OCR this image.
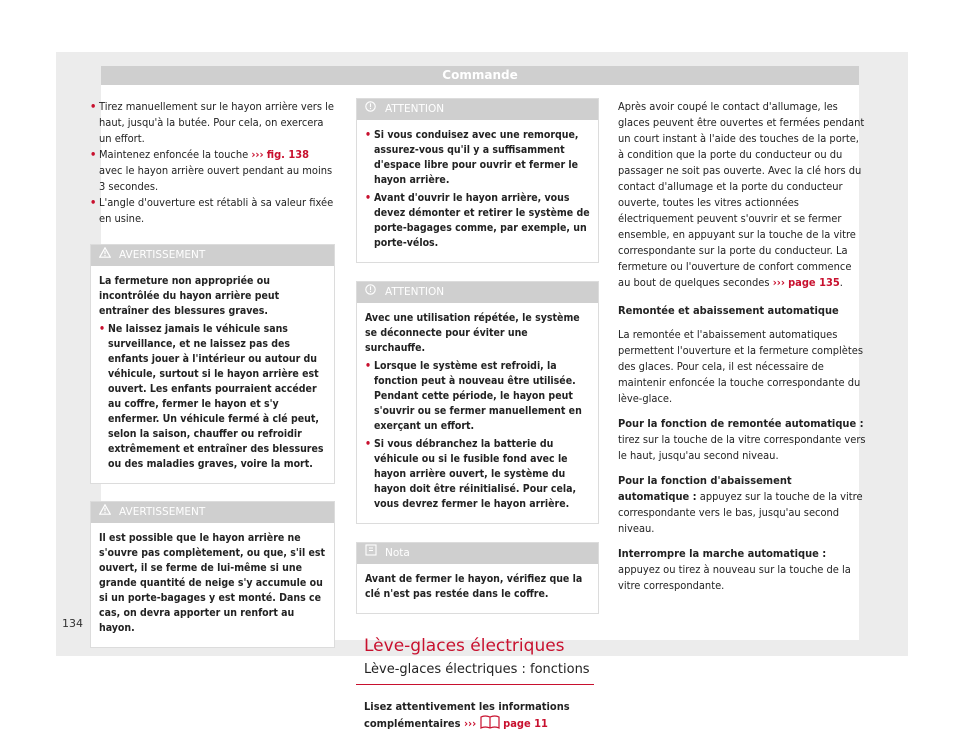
Commande

• Tirez manuellement sur le hayon arrière vers le haut, jusqu'à la butée. Pour cela, on exercera un effort.

• Maintenez enfoncée la touche ››› fig. 138 avec le hayon arrière ouvert pendant au moins 3 secondes.

• L'angle d'ouverture est rétabli à sa valeur fixée en usine.

AVERTISSEMENT

La fermeture non appropriée ou incontrôlée du hayon arrière peut entraîner des blessures graves.

• Ne laissez jamais le véhicule sans surveillance, et ne laissez pas des enfants jouer à l'intérieur ou autour du véhicule, surtout si le hayon arrière est ouvert. Les enfants pourraient accéder au coffre, fermer le hayon et s'y enfermer. Un véhicule fermé à clé peut, selon la saison, chauffer ou refroidir extrêmement et entraîner des blessures ou des maladies graves, voire la mort.

AVERTISSEMENT

Il est possible que le hayon arrière ne s'ouvre pas complètement, ou que, s'il est ouvert, il se ferme de lui-même si une grande quantité de neige s'y accumule ou si un porte-bagages y est monté. Dans ce cas, on devra apporter un renfort au hayon.

ATTENTION

• Si vous conduisez avec une remorque, assurez-vous qu'il y a suffisamment d'espace libre pour ouvrir et fermer le hayon arrière.

• Avant d'ouvrir le hayon arrière, vous devez démonter et retirer le système de porte-bagages comme, par exemple, un porte-vélos.

ATTENTION

Avec une utilisation répétée, le système se déconnecte pour éviter une surchauffe.

• Lorsque le système est refroidi, la fonction peut à nouveau être utilisée. Pendant cette période, le hayon peut s'ouvrir ou se fermer manuellement en exerçant un effort.

• Si vous débranchez la batterie du véhicule ou si le fusible fond avec le hayon arrière ouvert, le système du hayon doit être réinitialisé. Pour cela, vous devrez fermer le hayon arrière.

Nota

Avant de fermer le hayon, vérifiez que la clé n'est pas restée dans le coffre.

Lève-glaces électriques
Lève-glaces électriques : fonctions
Lisez attentivement les informations complémentaires ››› page 11

Après avoir coupé le contact d'allumage, les glaces peuvent être ouvertes et fermées pendant un court instant à l'aide des touches de la porte, à condition que la porte du conducteur ou du passager ne soit pas ouverte. Avec la clé hors du contact d'allumage et la porte du conducteur ouverte, toutes les vitres actionnées électriquement peuvent s'ouvrir et se fermer ensemble, en appuyant sur la touche de la vitre correspondante sur la porte du conducteur. La fermeture ou l'ouverture de confort commence au bout de quelques secondes ››› page 135.

Remontée et abaissement automatique

La remontée et l'abaissement automatiques permettent l'ouverture et la fermeture complètes des glaces. Pour cela, il est nécessaire de maintenir enfoncée la touche correspondante du lève-glace.

Pour la fonction de remontée automatique : tirez sur la touche de la vitre correspondante vers le haut, jusqu'au second niveau.

Pour la fonction d'abaissement automatique : appuyez sur la touche de la vitre correspondante vers le bas, jusqu'au second niveau.

Interrompre la marche automatique : appuyez ou tirez à nouveau sur la touche de la vitre correspondante.

134
